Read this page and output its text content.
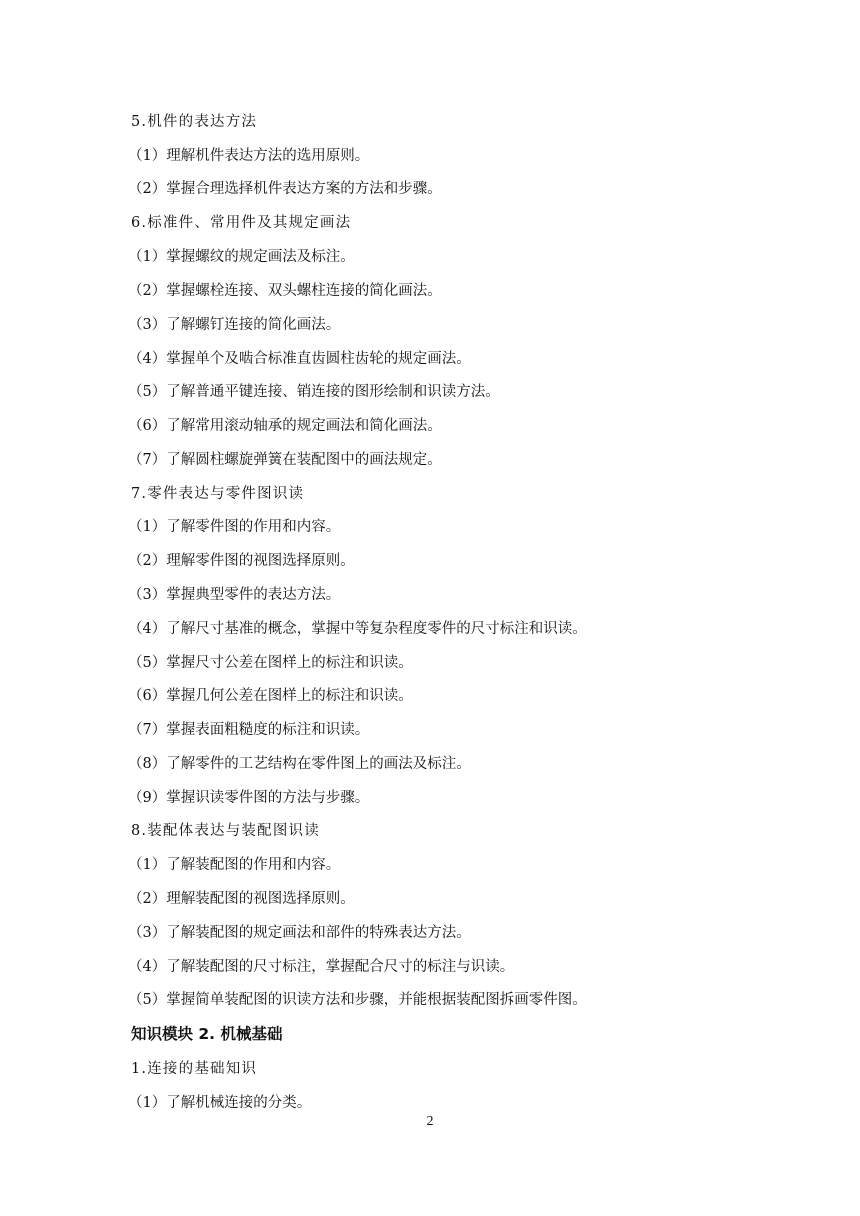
5.机件的表达方法
（1）理解机件表达方法的选用原则。
（2）掌握合理选择机件表达方案的方法和步骤。
6.标准件、常用件及其规定画法
（1）掌握螺纹的规定画法及标注。
（2）掌握螺栓连接、双头螺柱连接的简化画法。
（3）了解螺钉连接的简化画法。
（4）掌握单个及啮合标准直齿圆柱齿轮的规定画法。
（5）了解普通平键连接、销连接的图形绘制和识读方法。
（6）了解常用滚动轴承的规定画法和简化画法。
（7）了解圆柱螺旋弹簧在装配图中的画法规定。
7.零件表达与零件图识读
（1）了解零件图的作用和内容。
（2）理解零件图的视图选择原则。
（3）掌握典型零件的表达方法。
（4）了解尺寸基准的概念，掌握中等复杂程度零件的尺寸标注和识读。
（5）掌握尺寸公差在图样上的标注和识读。
（6）掌握几何公差在图样上的标注和识读。
（7）掌握表面粗糙度的标注和识读。
（8）了解零件的工艺结构在零件图上的画法及标注。
（9）掌握识读零件图的方法与步骤。
8.装配体表达与装配图识读
（1）了解装配图的作用和内容。
（2）理解装配图的视图选择原则。
（3）了解装配图的规定画法和部件的特殊表达方法。
（4）了解装配图的尺寸标注，掌握配合尺寸的标注与识读。
（5）掌握简单装配图的识读方法和步骤，并能根据装配图拆画零件图。
知识模块 2. 机械基础
1.连接的基础知识
（1）了解机械连接的分类。
2
